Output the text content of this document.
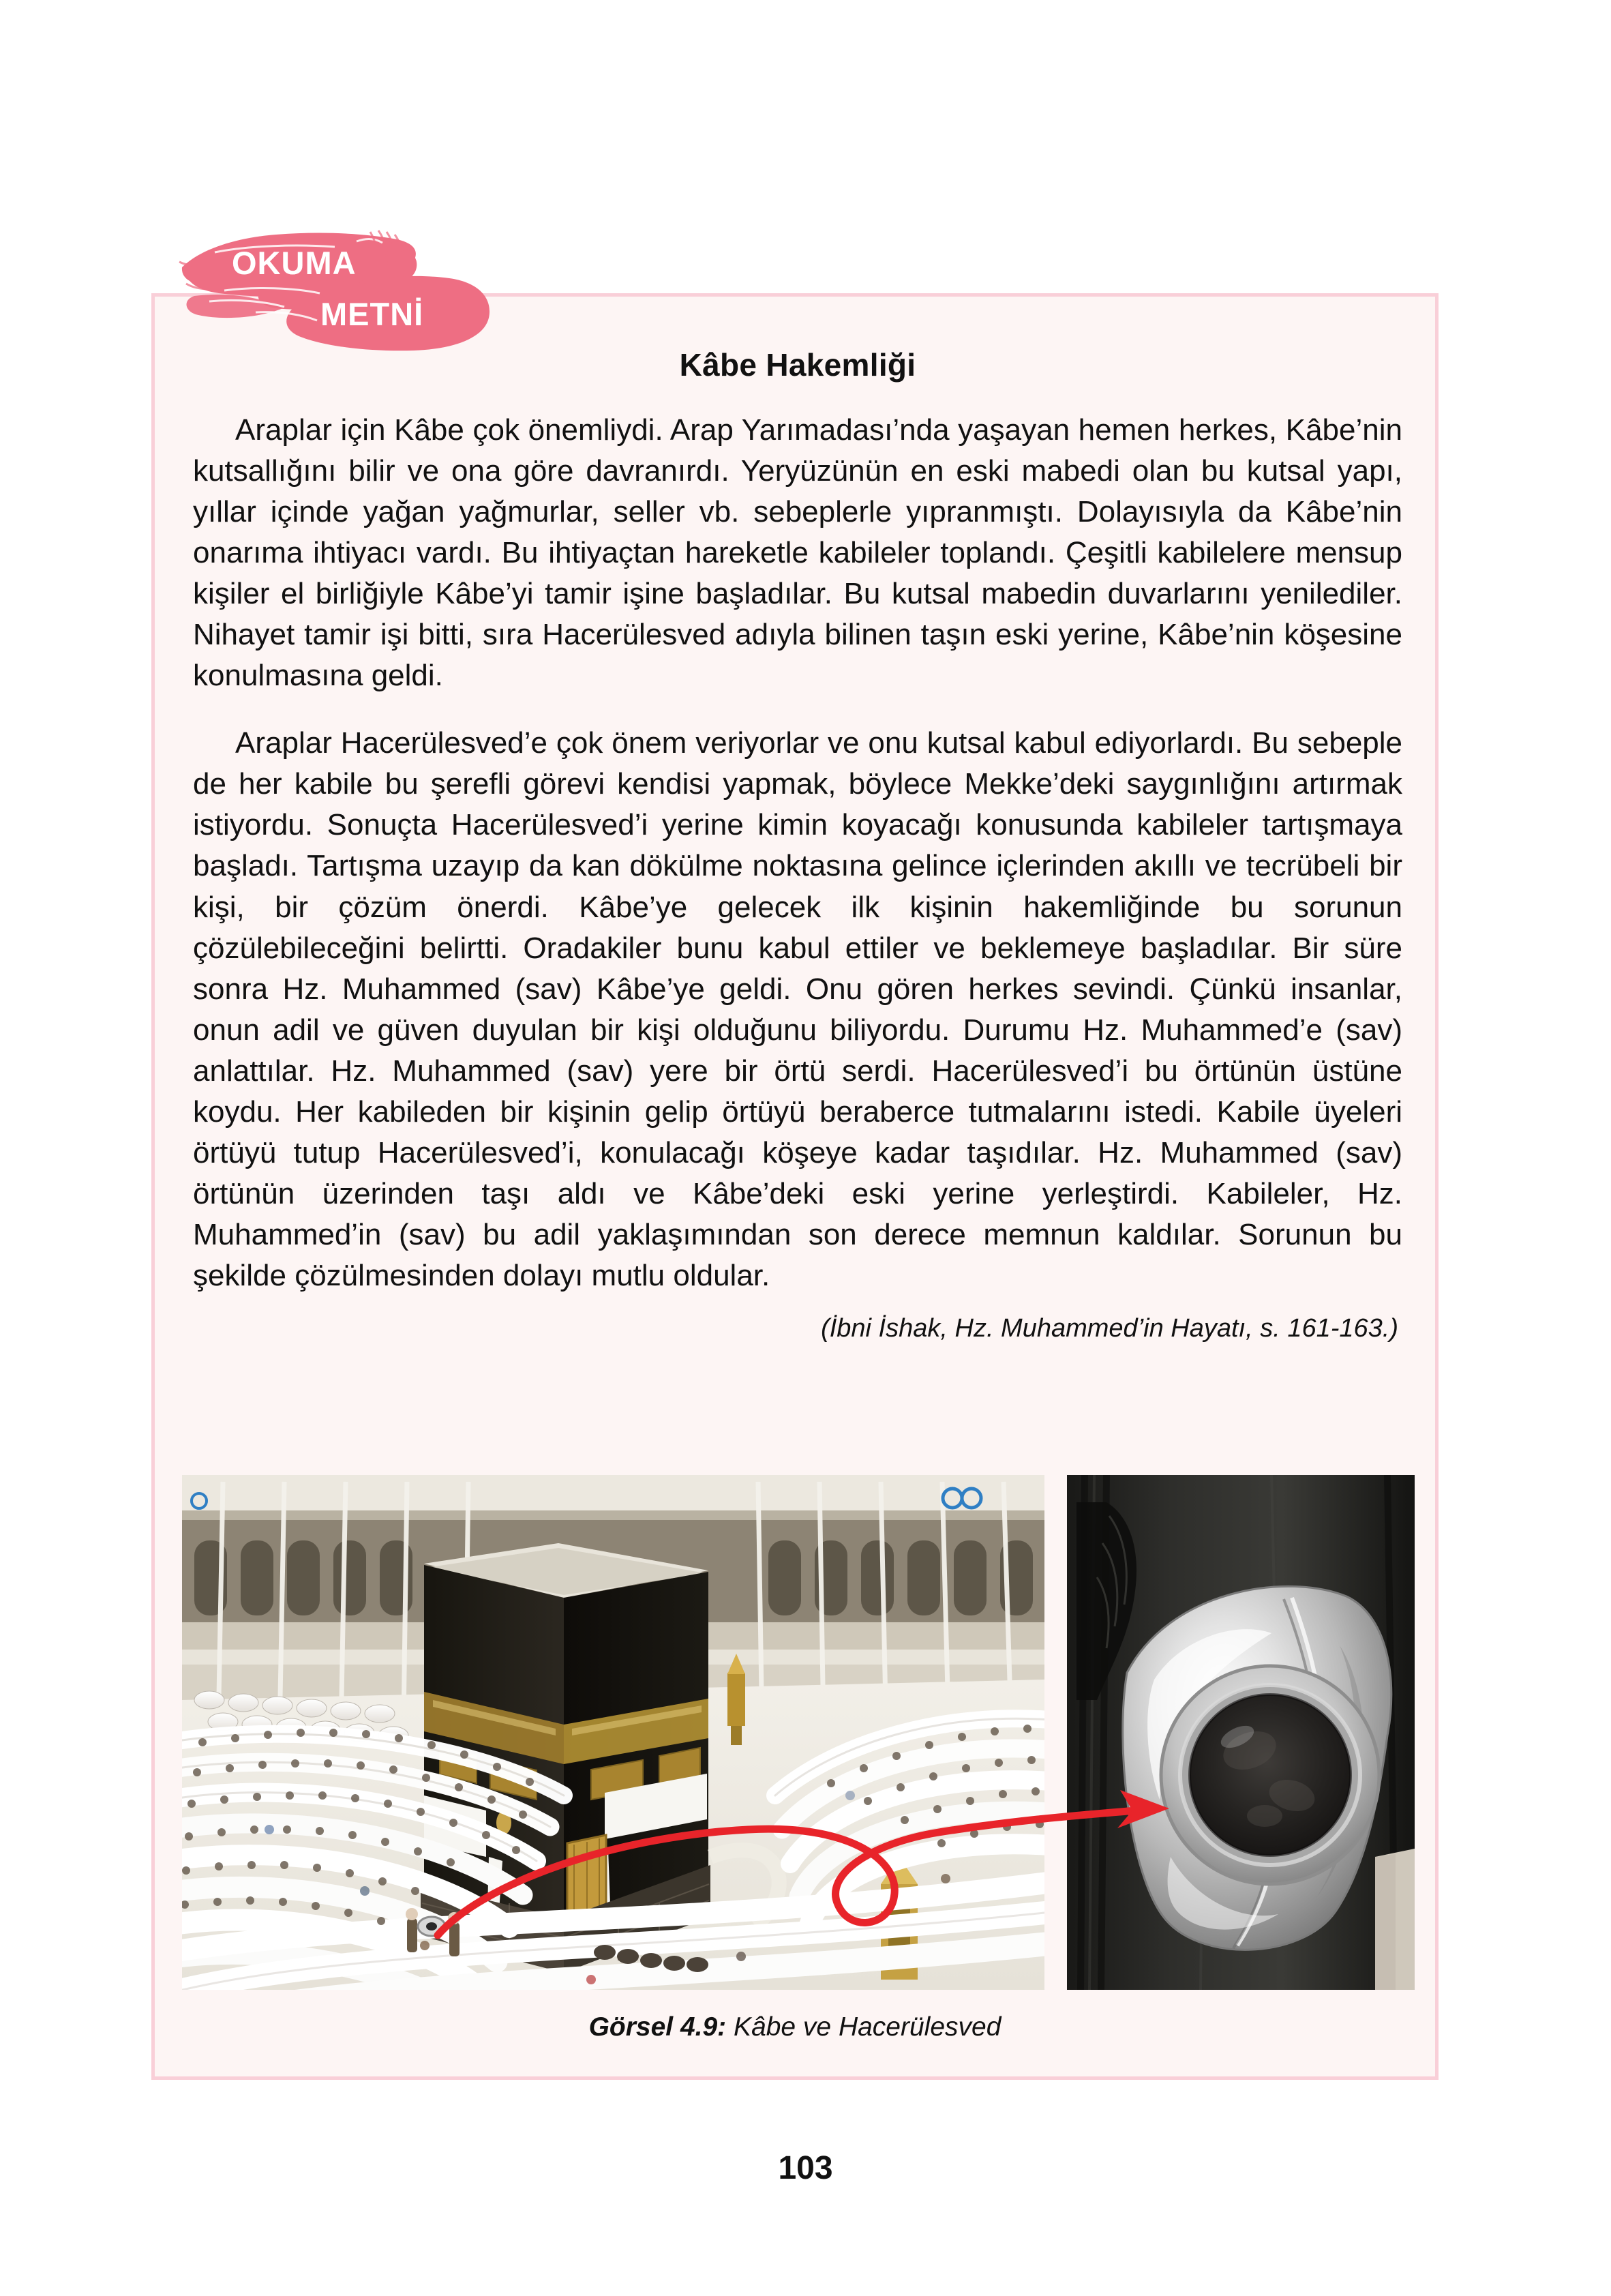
Kâbe Hakemliği

Araplar için Kâbe çok önemliydi. Arap Yarımadası’nda yaşayan hemen herkes, Kâbe’nin kutsallığını bilir ve ona göre davranırdı. Yeryüzünün en eski mabedi olan bu kutsal yapı, yıllar içinde yağan yağmurlar, seller vb. sebeplerle yıpranmıştı. Dolayısıyla da Kâbe’nin onarıma ihtiyacı vardı. Bu ihtiyaçtan hareketle kabileler toplandı. Çeşitli kabilelere mensup kişiler el birliğiyle Kâbe’yi tamir işine başladılar. Bu kutsal mabedin duvarlarını yenilediler. Nihayet tamir işi bitti, sıra Hacerülesved adıyla bilinen taşın eski yerine, Kâbe’nin köşesine konulmasına geldi.

Araplar Hacerülesved’e çok önem veriyorlar ve onu kutsal kabul ediyorlardı. Bu sebeple de her kabile bu şerefli görevi kendisi yapmak, böylece Mekke’deki saygınlığını artırmak istiyordu. Sonuçta Hacerülesved’i yerine kimin koyacağı konusunda kabileler tartışmaya başladı. Tartışma uzayıp da kan dökülme noktasına gelince içlerinden akıllı ve tecrübeli bir kişi, bir çözüm önerdi. Kâbe’ye gelecek ilk kişinin hakemliğinde bu sorunun çözülebileceğini belirtti. Oradakiler bunu kabul ettiler ve beklemeye başladılar. Bir süre sonra Hz. Muhammed (sav) Kâbe’ye geldi. Onu gören herkes sevindi. Çünkü insanlar, onun adil ve güven duyulan bir kişi olduğunu biliyordu. Durumu Hz. Muhammed’e (sav) anlattılar. Hz. Muhammed (sav) yere bir örtü serdi. Hacerülesved’i bu örtünün üstüne koydu. Her kabileden bir kişinin gelip örtüyü beraberce tutmalarını istedi. Kabile üyeleri örtüyü tutup Hacerülesved’i, konulacağı köşeye kadar taşıdılar. Hz. Muhammed (sav) örtünün üzerinden taşı aldı ve Kâbe’deki eski yerine yerleştirdi. Kabileler, Hz. Muhammed’in (sav) bu adil yaklaşımından son derece memnun kaldılar. Sorunun bu şekilde çözülmesinden dolayı mutlu oldular.

(İbni İshak, Hz. Muhammed’in Hayatı, s. 161-163.)

Görsel 4.9: Kâbe ve Hacerülesved
OKUMA
METNİ
103
